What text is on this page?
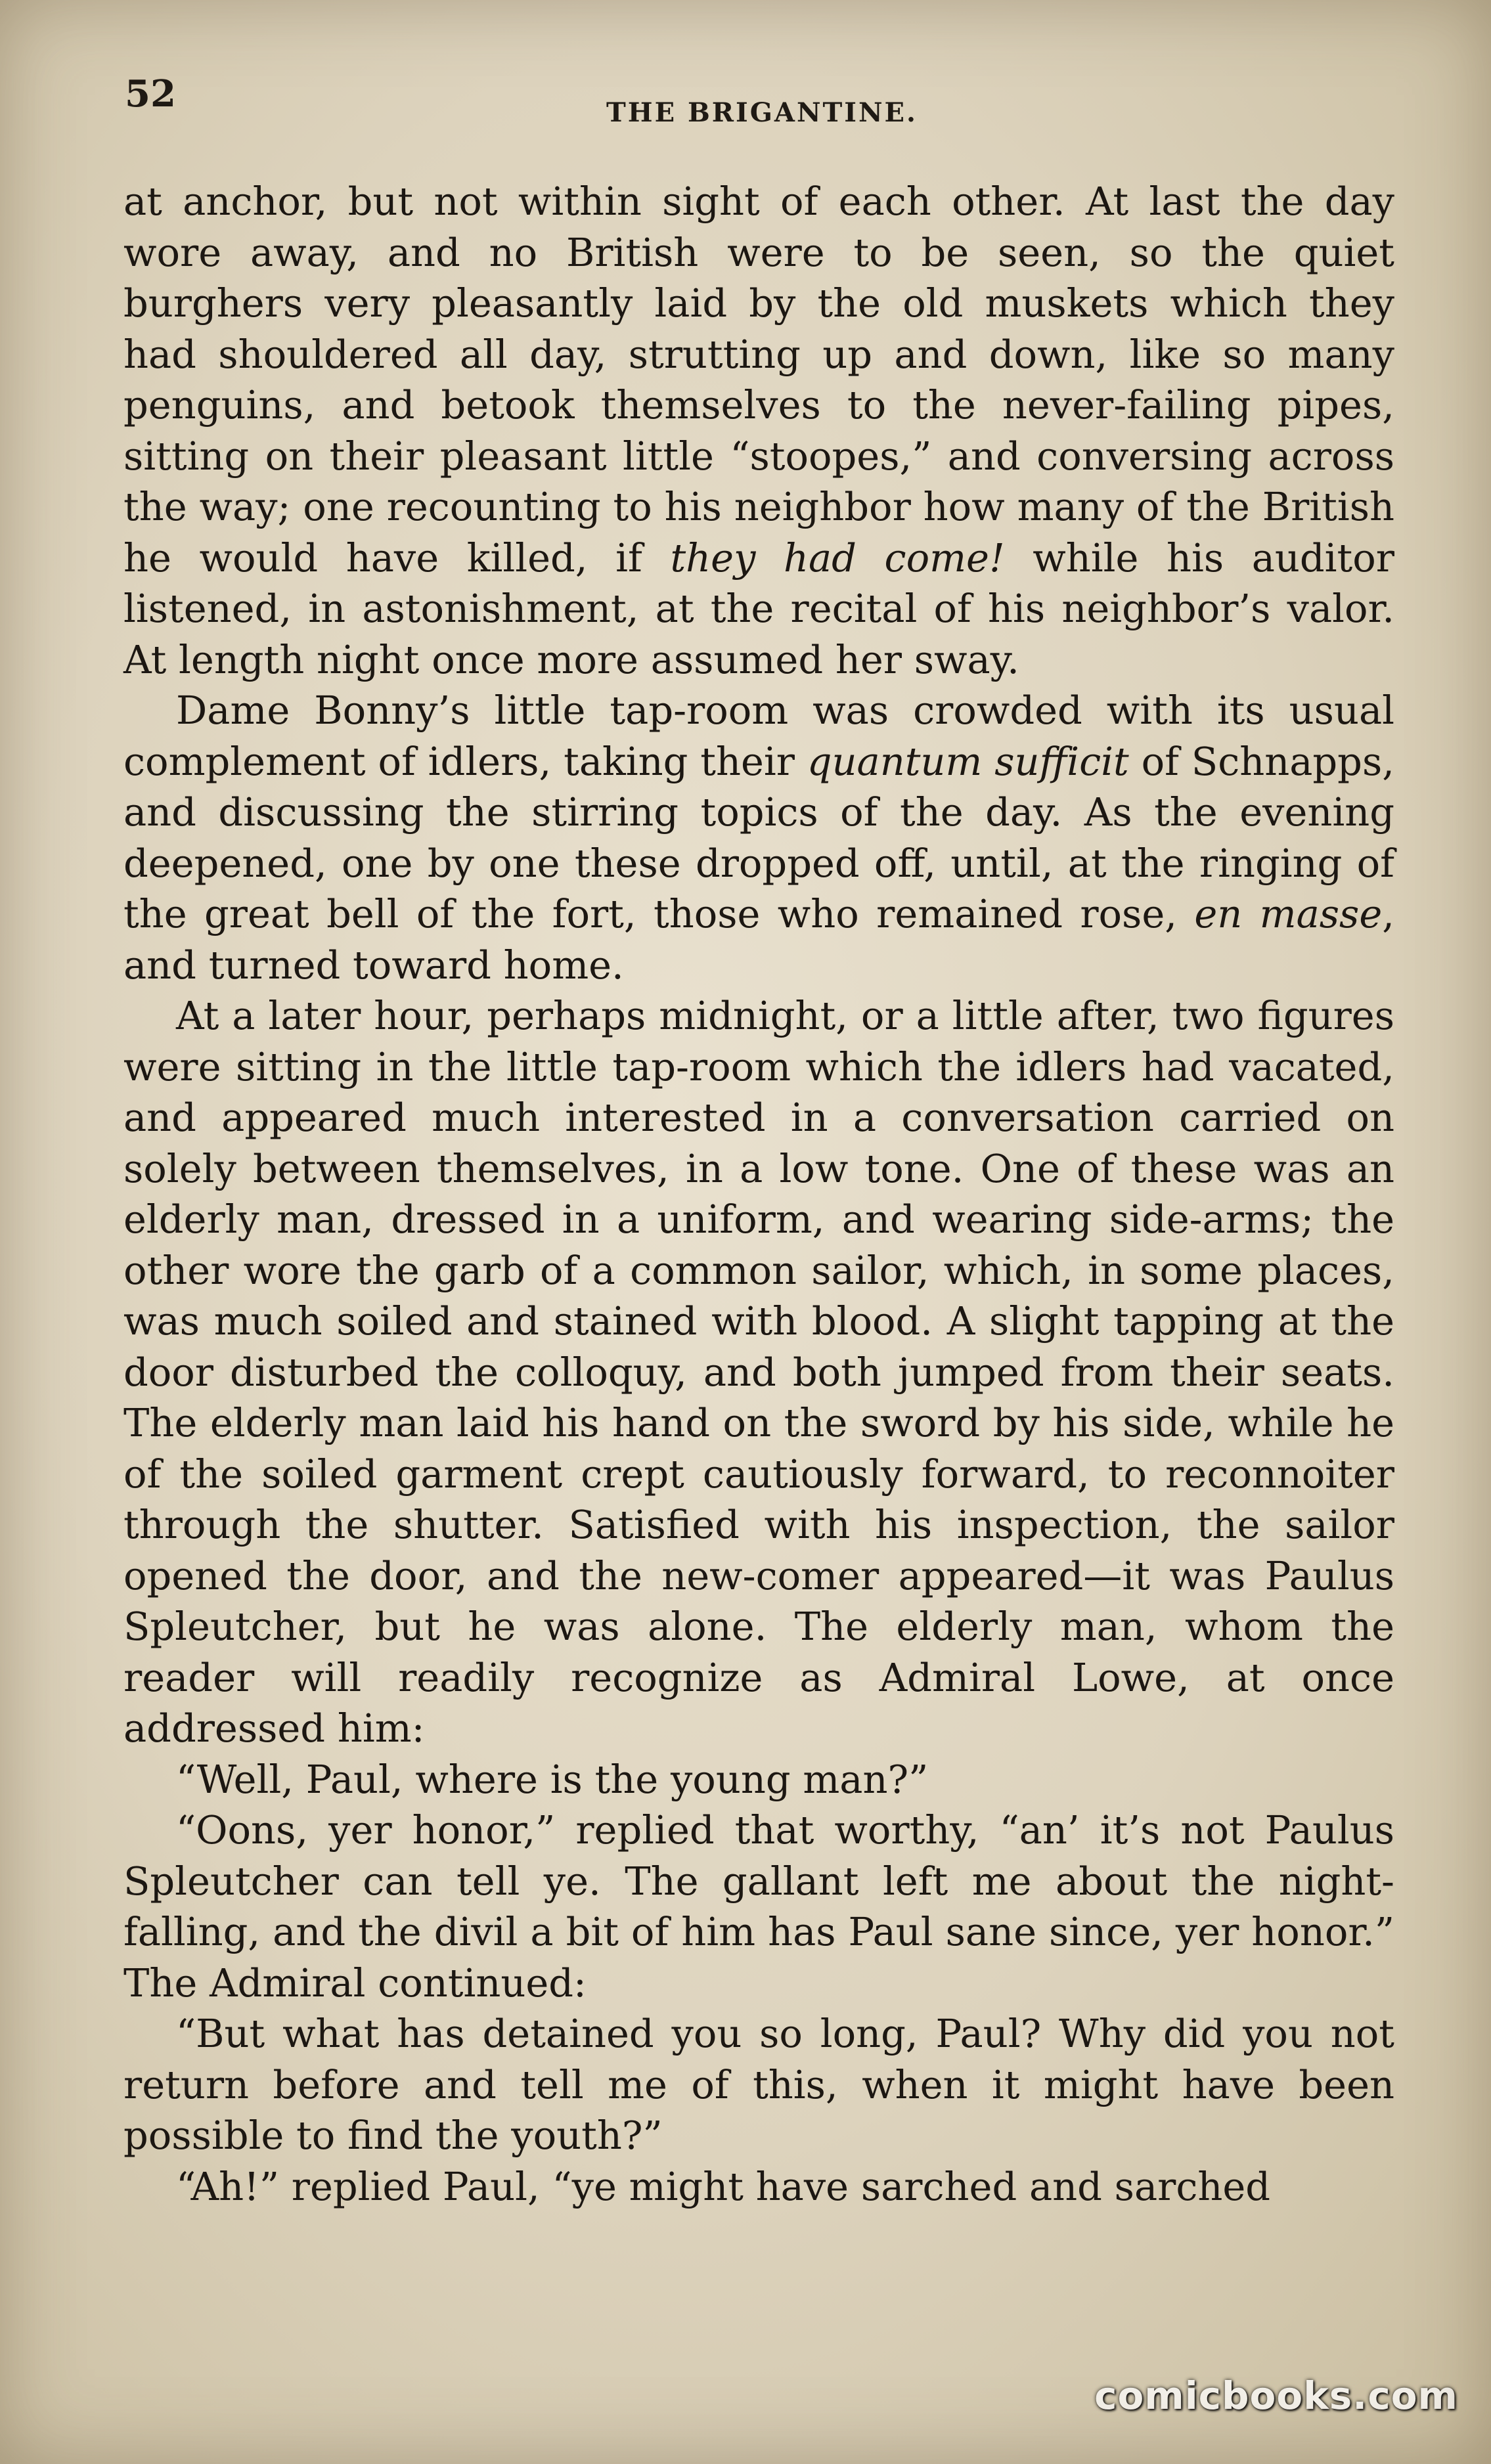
52	THE BRIGANTINE.

at anchor, but not within sight of each other. At last the day wore away, and no British were to be seen, so the quiet burghers very pleasantly laid by the old muskets which they had shouldered all day, strutting up and down, like so many penguins, and betook themselves to the never-failing pipes, sitting on their pleasant little “stoopes,” and conversing across the way; one recounting to his neighbor how many of the British he would have killed, if they had come! while his auditor listened, in astonishment, at the recital of his neighbor’s valor. At length night once more assumed her sway.

Dame Bonny’s little tap-room was crowded with its usual complement of idlers, taking their quantum sufficit of Schnapps, and discussing the stirring topics of the day. As the evening deepened, one by one these dropped off, until, at the ringing of the great bell of the fort, those who remained rose, en masse, and turned toward home.

At a later hour, perhaps midnight, or a little after, two figures were sitting in the little tap-room which the idlers had vacated, and appeared much interested in a conversation carried on solely between themselves, in a low tone. One of these was an elderly man, dressed in a uniform, and wearing side-arms; the other wore the garb of a common sailor, which, in some places, was much soiled and stained with blood. A slight tapping at the door disturbed the colloquy, and both jumped from their seats. The elderly man laid his hand on the sword by his side, while he of the soiled garment crept cautiously forward, to reconnoiter through the shutter. Satisfied with his inspection, the sailor opened the door, and the new-comer appeared—it was Paulus Spleutcher, but he was alone. The elderly man, whom the reader will readily recognize as Admiral Lowe, at once addressed him:

“Well, Paul, where is the young man?”

“Oons, yer honor,” replied that worthy, “an’ it’s not Paulus Spleutcher can tell ye. The gallant left me about the night-falling, and the divil a bit of him has Paul sane since, yer honor.” The Admiral continued:

“But what has detained you so long, Paul? Why did you not return before and tell me of this, when it might have been possible to find the youth?”

“Ah!” replied Paul, “ye might have sarched and sarched

comicbooks.com
